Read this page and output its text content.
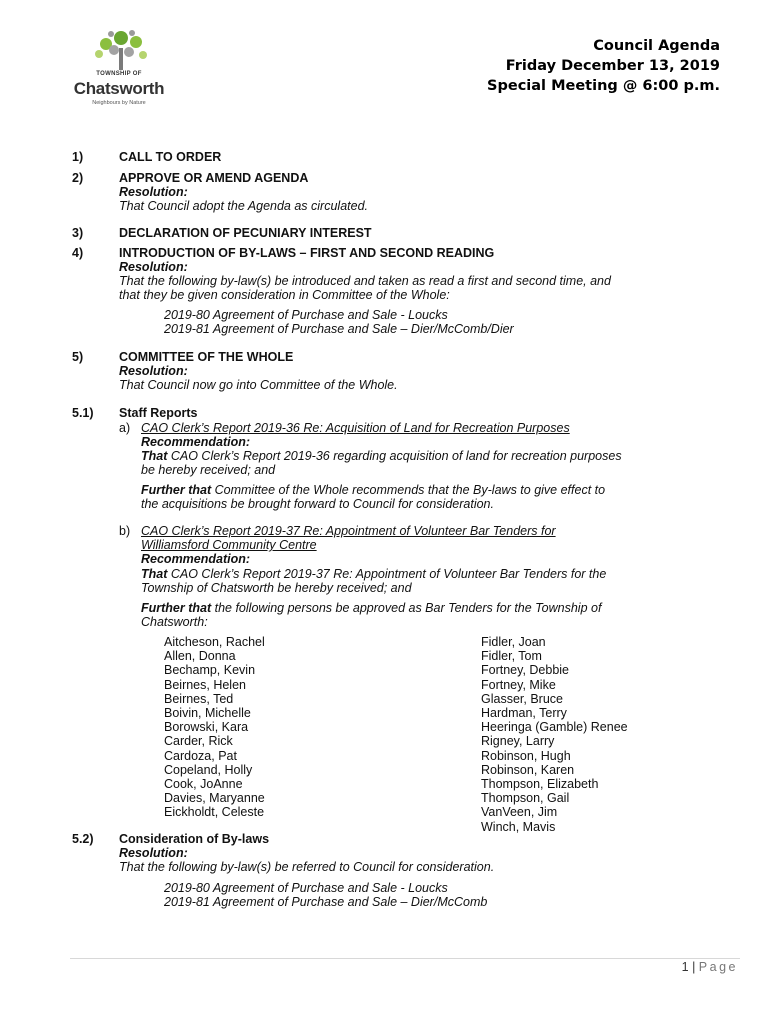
TOWNSHIP OF
Chatsworth
Neighbours by Nature
Council Agenda
Friday December 13, 2019
Special Meeting @ 6:00 p.m.
1)	CALL TO ORDER
2)	APPROVE OR AMEND AGENDA
Resolution:
That Council adopt the Agenda as circulated.
3)	DECLARATION OF PECUNIARY INTEREST
4)	INTRODUCTION OF BY-LAWS – FIRST AND SECOND READING
Resolution:
That the following by-law(s) be introduced and taken as read a first and second time, and
that they be given consideration in Committee of the Whole:
2019-80 Agreement of Purchase and Sale - Loucks
2019-81 Agreement of Purchase and Sale – Dier/McComb/Dier
5)	COMMITTEE OF THE WHOLE
Resolution:
That Council now go into Committee of the Whole.
5.1) Staff Reports
a) CAO Clerk’s Report 2019-36 Re: Acquisition of Land for Recreation Purposes
Recommendation:
That CAO Clerk’s Report 2019-36 regarding acquisition of land for recreation purposes
be hereby received; and
Further that Committee of the Whole recommends that the By-laws to give effect to
the acquisitions be brought forward to Council for consideration.
b) CAO Clerk’s Report 2019-37 Re: Appointment of Volunteer Bar Tenders for
Williamsford Community Centre
Recommendation:
That CAO Clerk’s Report 2019-37 Re: Appointment of Volunteer Bar Tenders for the
Township of Chatsworth be hereby received; and
Further that the following persons be approved as Bar Tenders for the Township of
Chatsworth:
Aitcheson, Rachel
Allen, Donna
Bechamp, Kevin
Beirnes, Helen
Beirnes, Ted
Boivin, Michelle
Borowski, Kara
Carder, Rick
Cardoza, Pat
Copeland, Holly
Cook, JoAnne
Davies, Maryanne
Eickholdt, Celeste
Fidler, Joan
Fidler, Tom
Fortney, Debbie
Fortney, Mike
Glasser, Bruce
Hardman, Terry
Heeringa (Gamble) Renee
Rigney, Larry
Robinson, Hugh
Robinson, Karen
Thompson, Elizabeth
Thompson, Gail
VanVeen, Jim
Winch, Mavis
5.2) Consideration of By-laws
Resolution:
That the following by-law(s) be referred to Council for consideration.
2019-80 Agreement of Purchase and Sale - Loucks
2019-81 Agreement of Purchase and Sale – Dier/McComb
1 | Page
